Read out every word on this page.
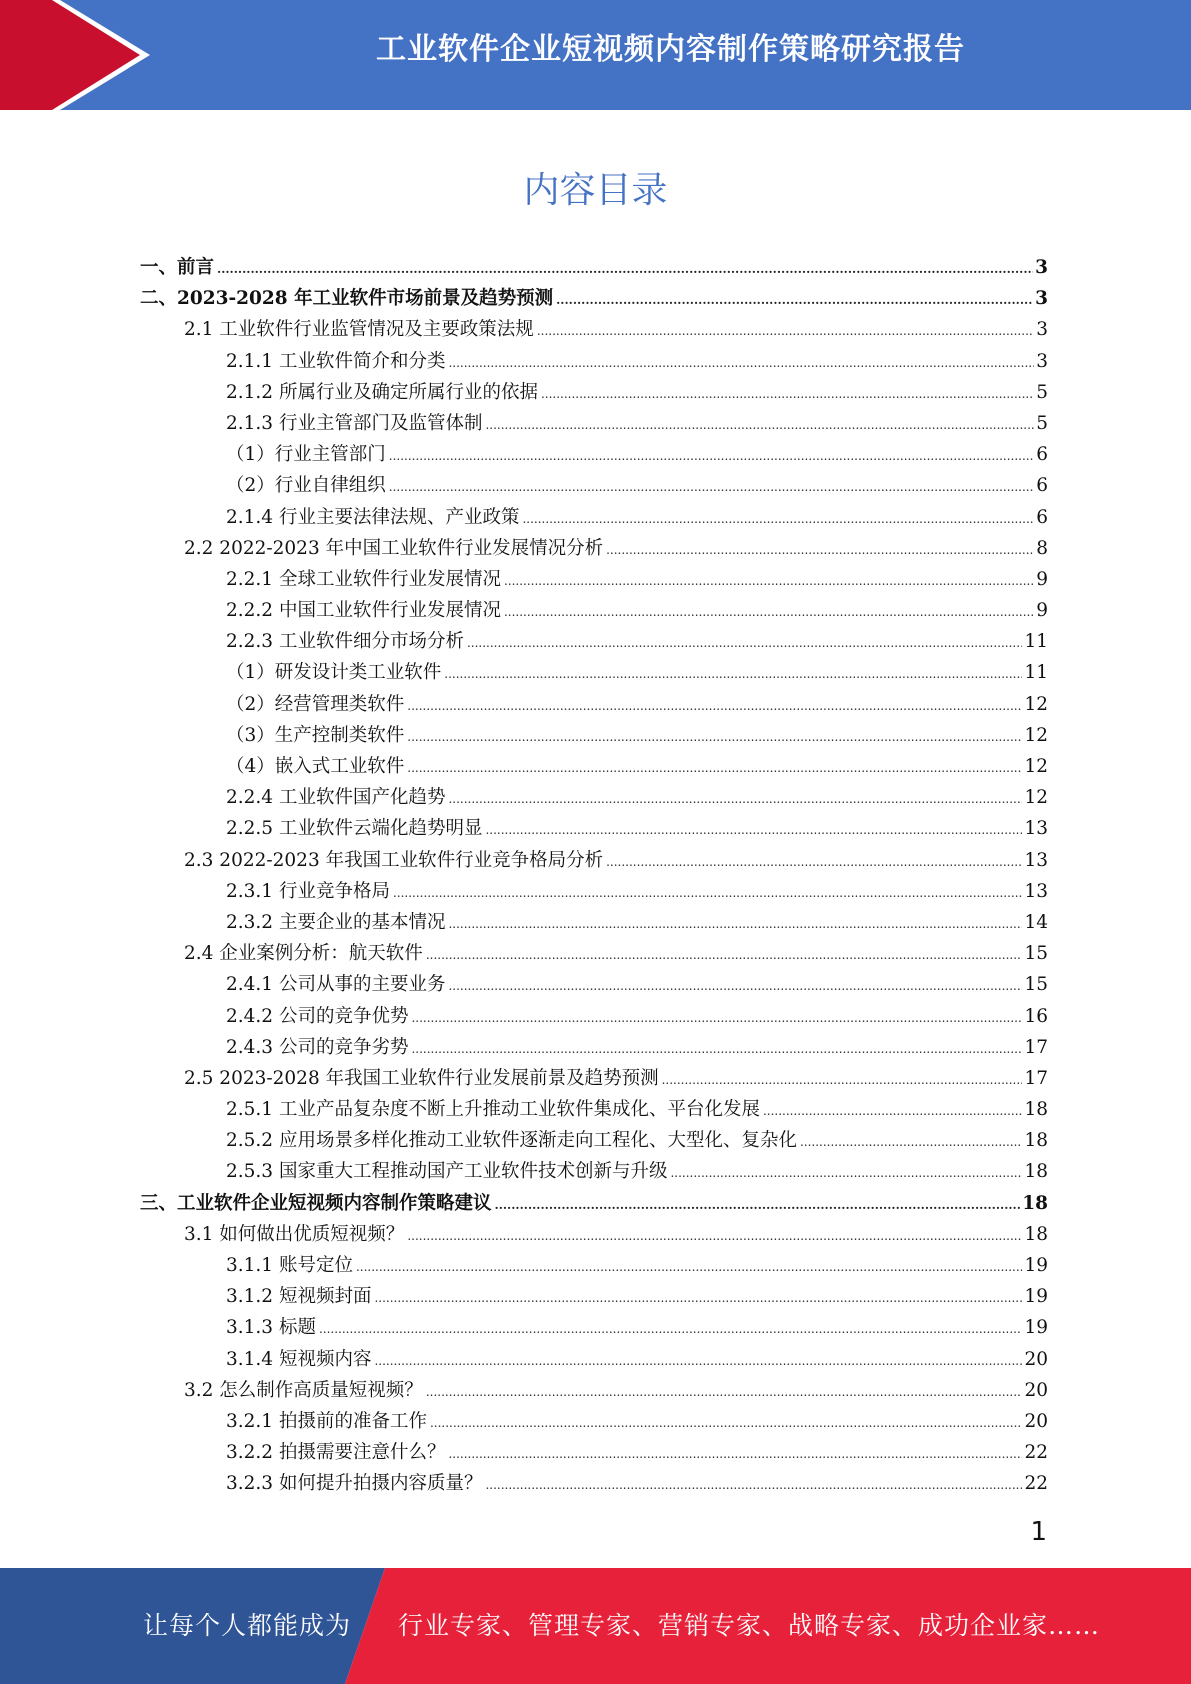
工业软件企业短视频内容制作策略研究报告
内容目录
一、前言 .....	3
二、2023-2028 年工业软件市场前景及趋势预测 .....	3
2.1 工业软件行业监管情况及主要政策法规 .....	3
2.1.1 工业软件简介和分类 .....	3
2.1.2 所属行业及确定所属行业的依据 .....	5
2.1.3 行业主管部门及监管体制 .....	5
（1）行业主管部门 .....	6
（2）行业自律组织 .....	6
2.1.4 行业主要法律法规、产业政策 .....	6
2.2 2022-2023 年中国工业软件行业发展情况分析 .....	8
2.2.1 全球工业软件行业发展情况 .....	9
2.2.2 中国工业软件行业发展情况 .....	9
2.2.3 工业软件细分市场分析 .....	11
（1）研发设计类工业软件 .....	11
（2）经营管理类软件 .....	12
（3）生产控制类软件 .....	12
（4）嵌入式工业软件 .....	12
2.2.4 工业软件国产化趋势 .....	12
2.2.5 工业软件云端化趋势明显 .....	13
2.3 2022-2023 年我国工业软件行业竞争格局分析 .....	13
2.3.1 行业竞争格局 .....	13
2.3.2 主要企业的基本情况 .....	14
2.4 企业案例分析：航天软件 .....	15
2.4.1 公司从事的主要业务 .....	15
2.4.2 公司的竞争优势 .....	16
2.4.3 公司的竞争劣势 .....	17
2.5 2023-2028 年我国工业软件行业发展前景及趋势预测 .....	17
2.5.1 工业产品复杂度不断上升推动工业软件集成化、平台化发展 .....	18
2.5.2 应用场景多样化推动工业软件逐渐走向工程化、大型化、复杂化 .....	18
2.5.3 国家重大工程推动国产工业软件技术创新与升级 .....	18
三、工业软件企业短视频内容制作策略建议 .....	18
3.1 如何做出优质短视频？ .....	18
3.1.1 账号定位 .....	19
3.1.2 短视频封面 .....	19
3.1.3 标题 .....	19
3.1.4 短视频内容 .....	20
3.2 怎么制作高质量短视频？ .....	20
3.2.1 拍摄前的准备工作 .....	20
3.2.2 拍摄需要注意什么？ .....	22
3.2.3 如何提升拍摄内容质量？ .....	22
1
让每个人都能成为 行业专家、管理专家、营销专家、战略专家、成功企业家……
